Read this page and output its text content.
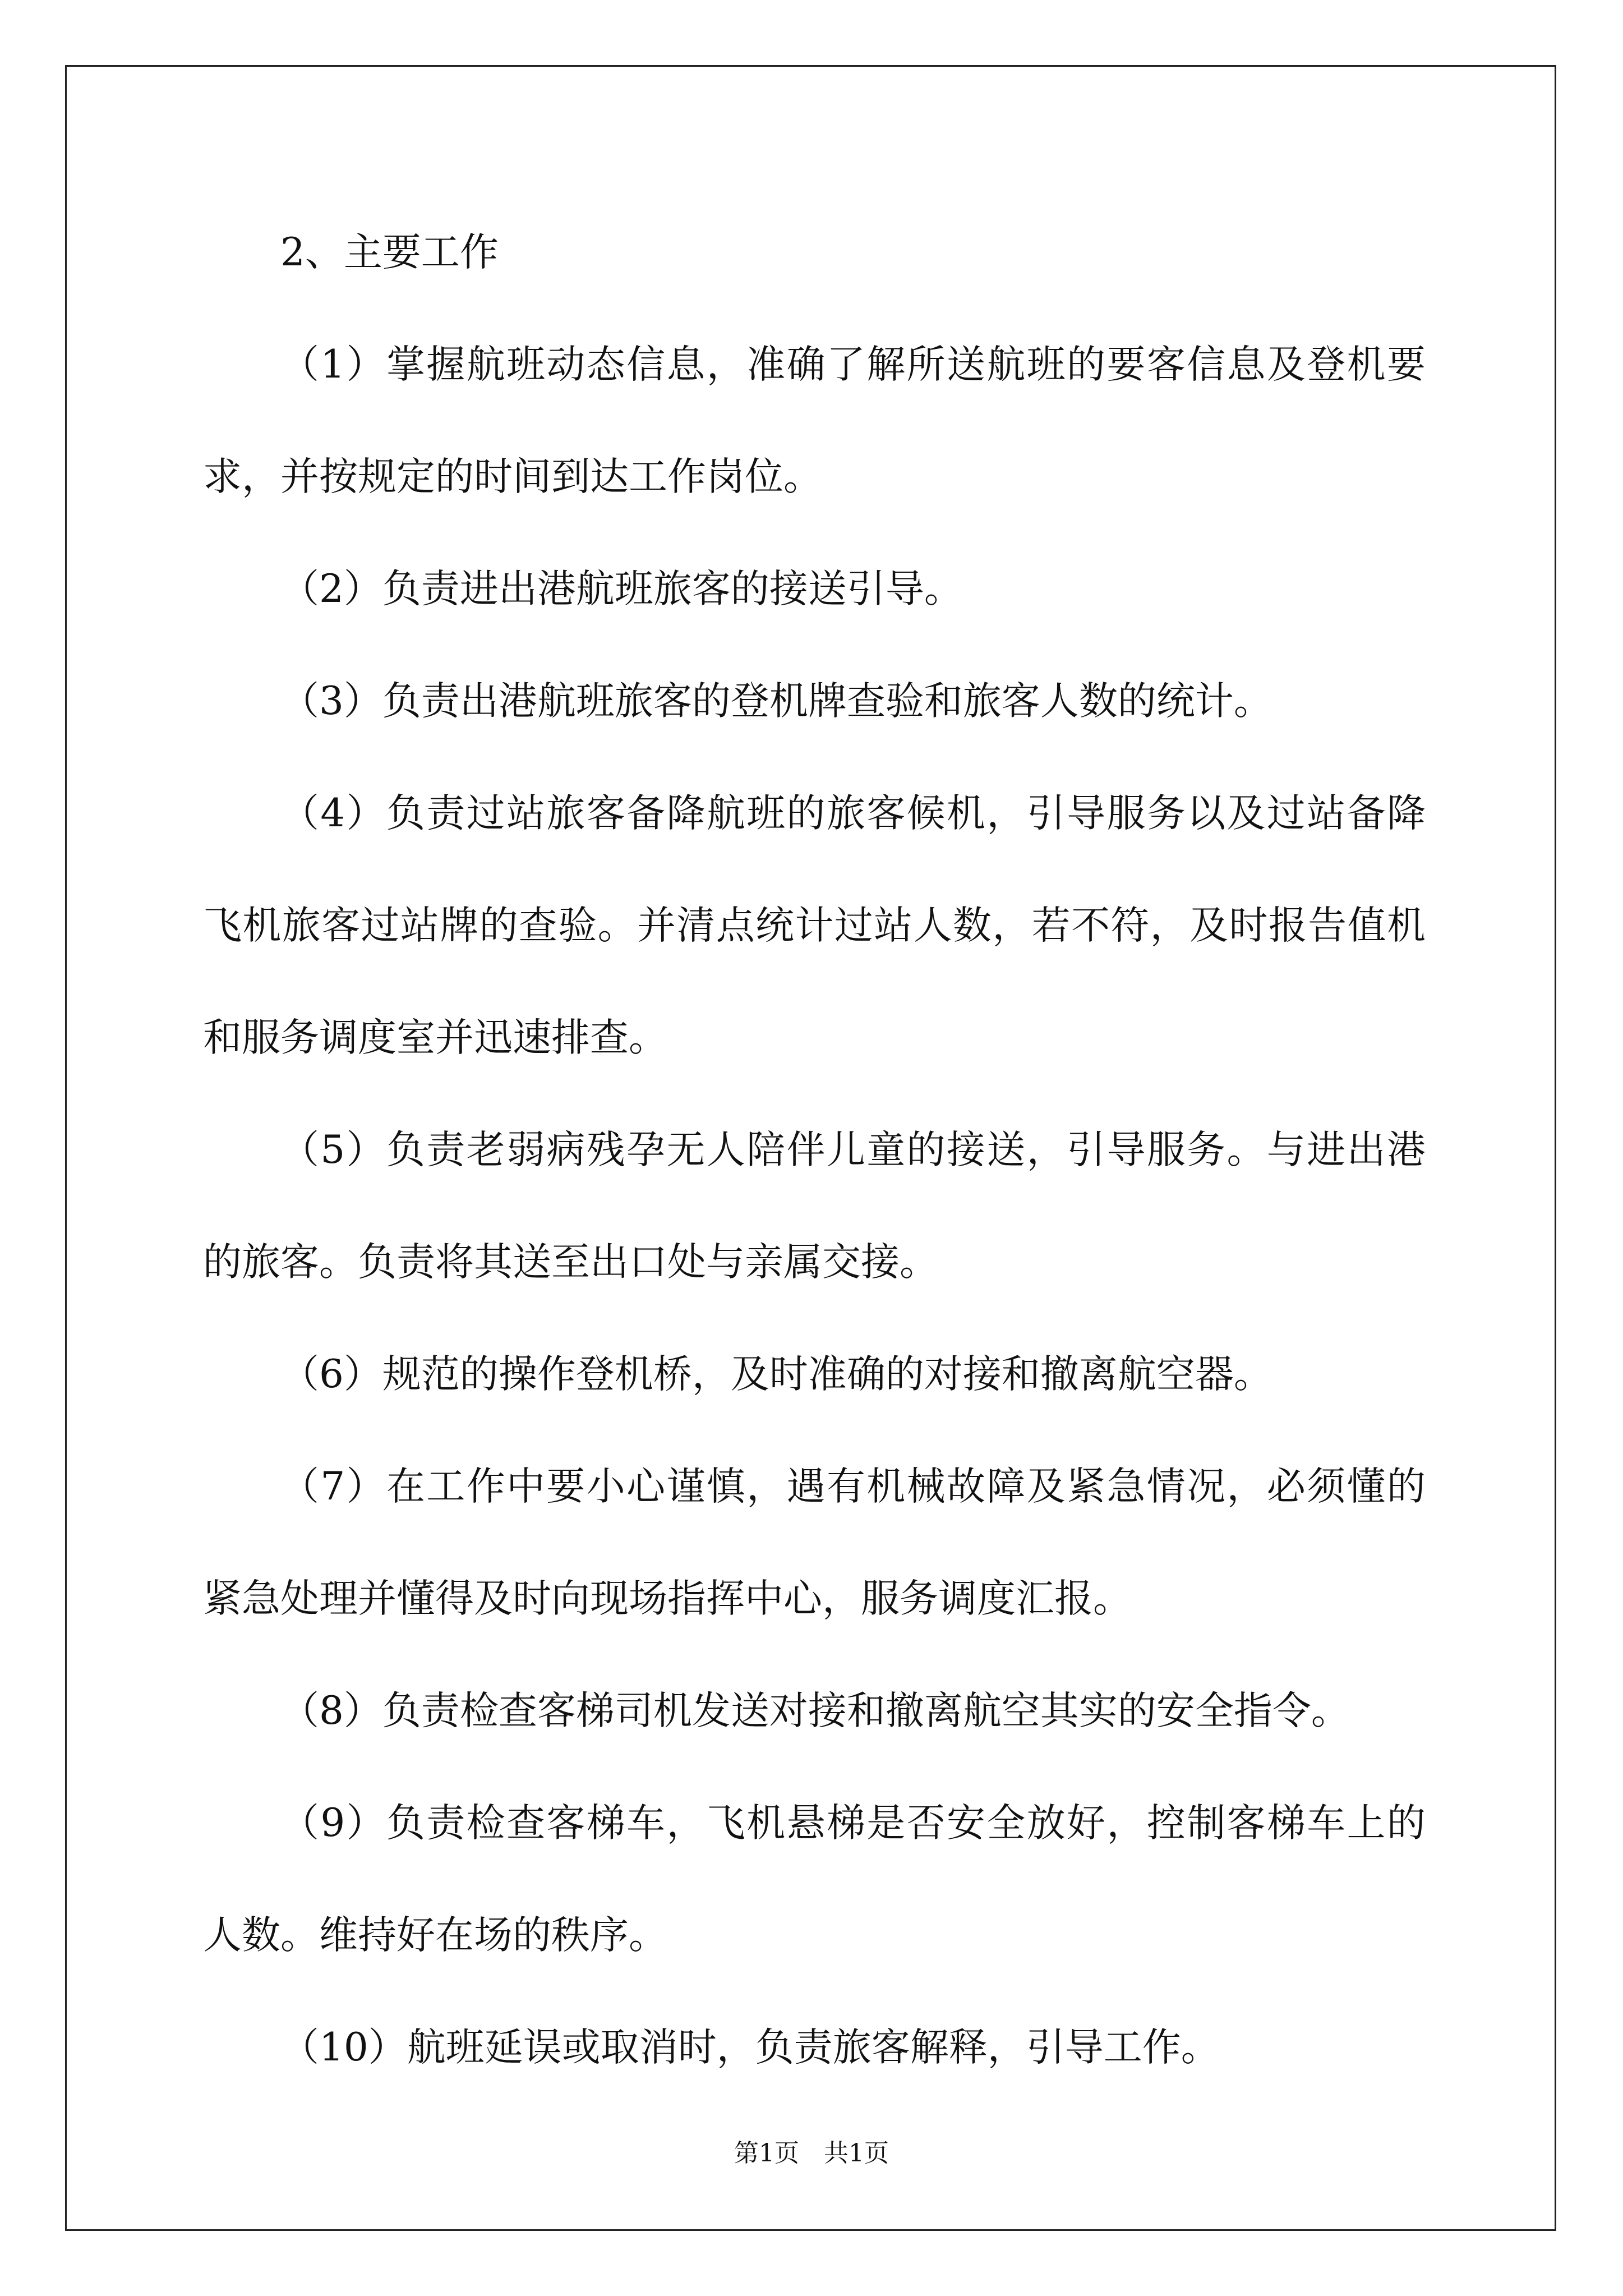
2、主要工作

（1）掌握航班动态信息，准确了解所送航班的要客信息及登机要求，并按规定的时间到达工作岗位。

（2）负责进出港航班旅客的接送引导。

（3）负责出港航班旅客的登机牌查验和旅客人数的统计。

（4）负责过站旅客备降航班的旅客候机，引导服务以及过站备降飞机旅客过站牌的查验。并清点统计过站人数，若不符，及时报告值机和服务调度室并迅速排查。

（5）负责老弱病残孕无人陪伴儿童的接送，引导服务。与进出港的旅客。负责将其送至出口处与亲属交接。

（6）规范的操作登机桥，及时准确的对接和撤离航空器。

（7）在工作中要小心谨慎，遇有机械故障及紧急情况，必须懂的紧急处理并懂得及时向现场指挥中心，服务调度汇报。

（8）负责检查客梯司机发送对接和撤离航空其实的安全指令。

（9）负责检查客梯车，飞机悬梯是否安全放好，控制客梯车上的人数。维持好在场的秩序。

（10）航班延误或取消时，负责旅客解释，引导工作。

第1页　共1页
